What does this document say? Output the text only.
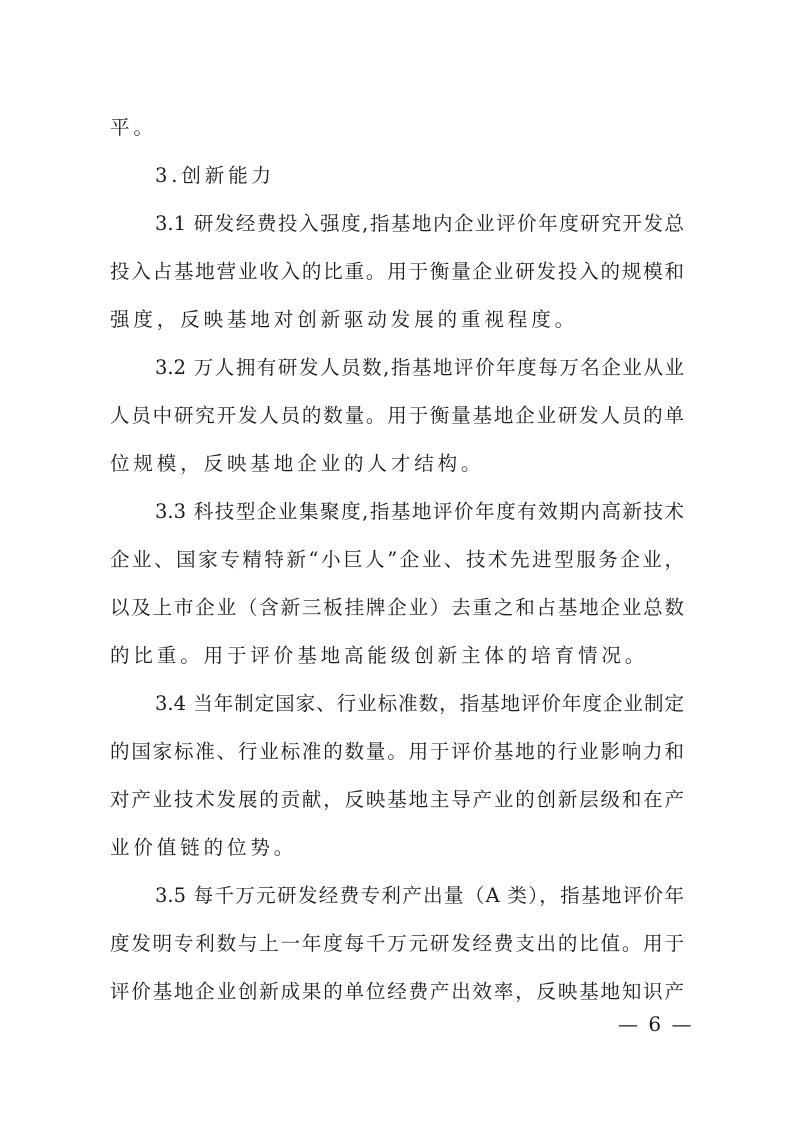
平。
3.创新能力
3.1 研发经费投入强度,指基地内企业评价年度研究开发总
投入占基地营业收入的比重。用于衡量企业研发投入的规模和
强度，反映基地对创新驱动发展的重视程度。
3.2 万人拥有研发人员数,指基地评价年度每万名企业从业
人员中研究开发人员的数量。用于衡量基地企业研发人员的单
位规模，反映基地企业的人才结构。
3.3 科技型企业集聚度,指基地评价年度有效期内高新技术
企业、国家专精特新“小巨人”企业、技术先进型服务企业，
以及上市企业（含新三板挂牌企业）去重之和占基地企业总数
的比重。用于评价基地高能级创新主体的培育情况。
3.4 当年制定国家、行业标准数，指基地评价年度企业制定
的国家标准、行业标准的数量。用于评价基地的行业影响力和
对产业技术发展的贡献，反映基地主导产业的创新层级和在产
业价值链的位势。
3.5 每千万元研发经费专利产出量（A 类），指基地评价年
度发明专利数与上一年度每千万元研发经费支出的比值。用于
评价基地企业创新成果的单位经费产出效率，反映基地知识产
— 6 —
